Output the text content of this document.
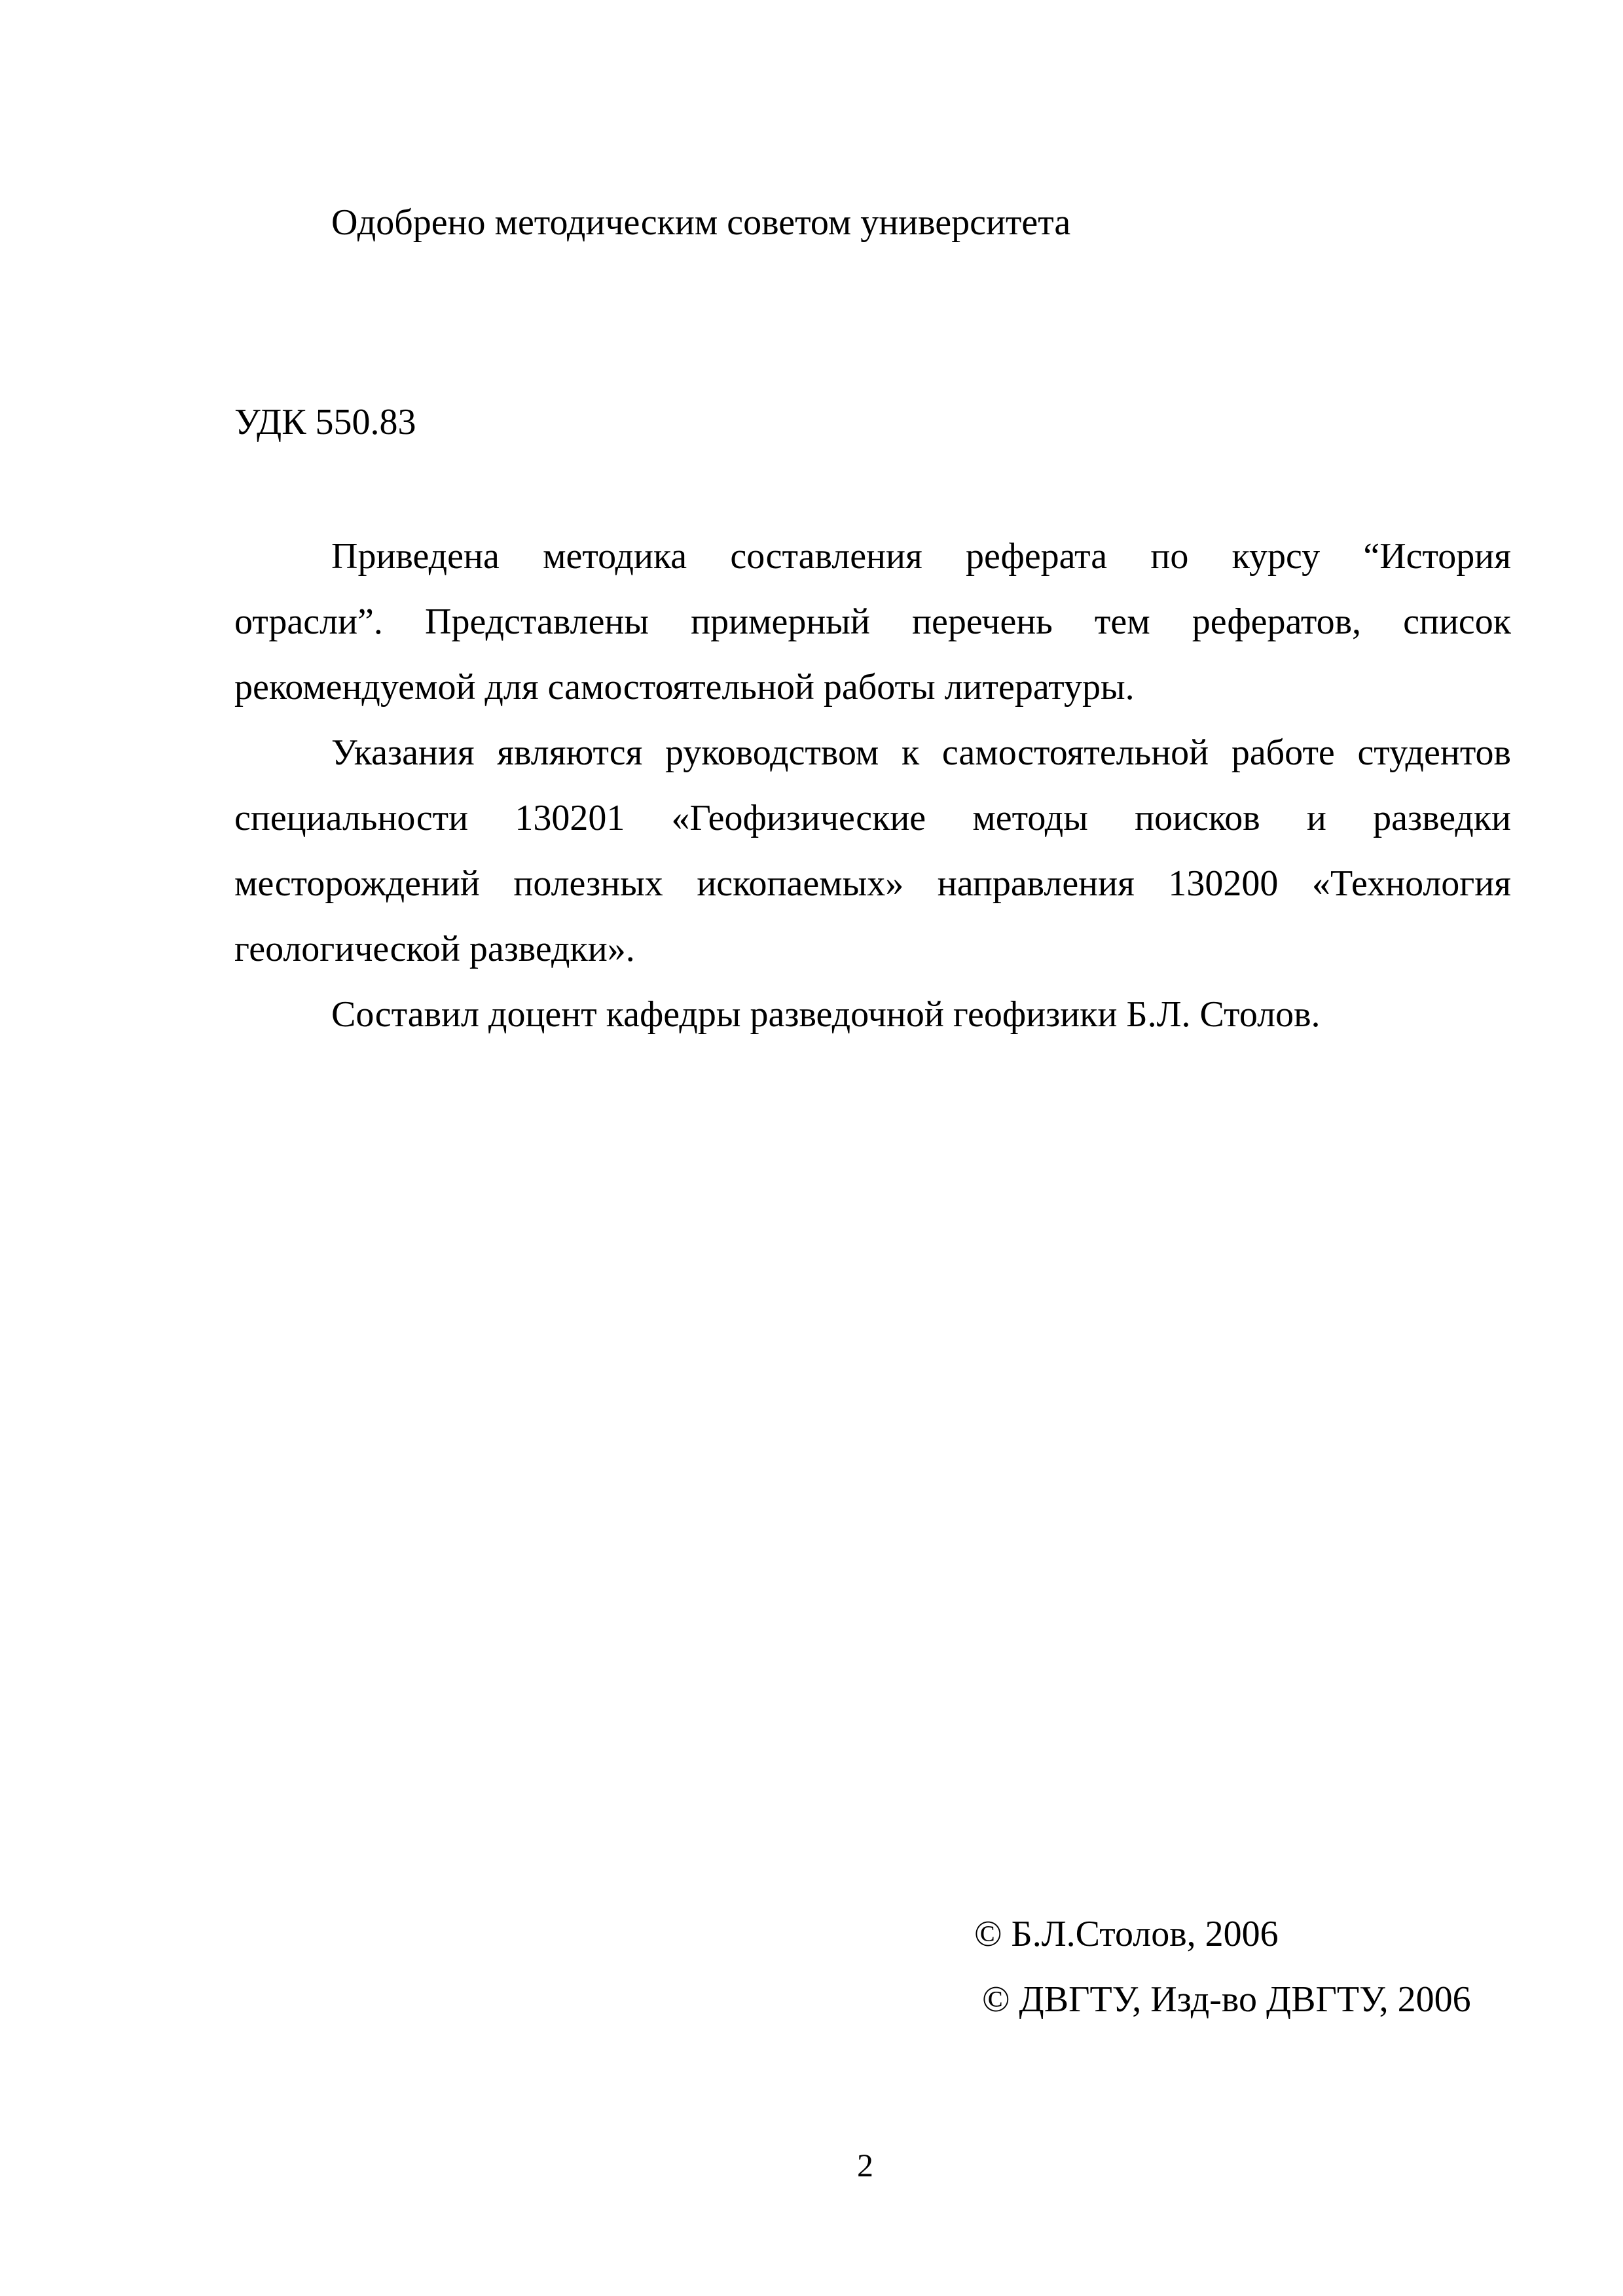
Одобрено методическим советом университета
УДК 550.83
Приведена методика составления реферата по курсу “История
отрасли”. Представлены примерный перечень тем рефератов, список
рекомендуемой для самостоятельной работы литературы.
Указания являются руководством к самостоятельной работе студентов
специальности 130201 «Геофизические методы поисков и разведки
месторождений полезных ископаемых» направления 130200 «Технология
геологической разведки».
Составил доцент кафедры разведочной геофизики Б.Л. Столов.
© Б.Л.Столов, 2006
© ДВГТУ, Изд-во ДВГТУ, 2006
2
